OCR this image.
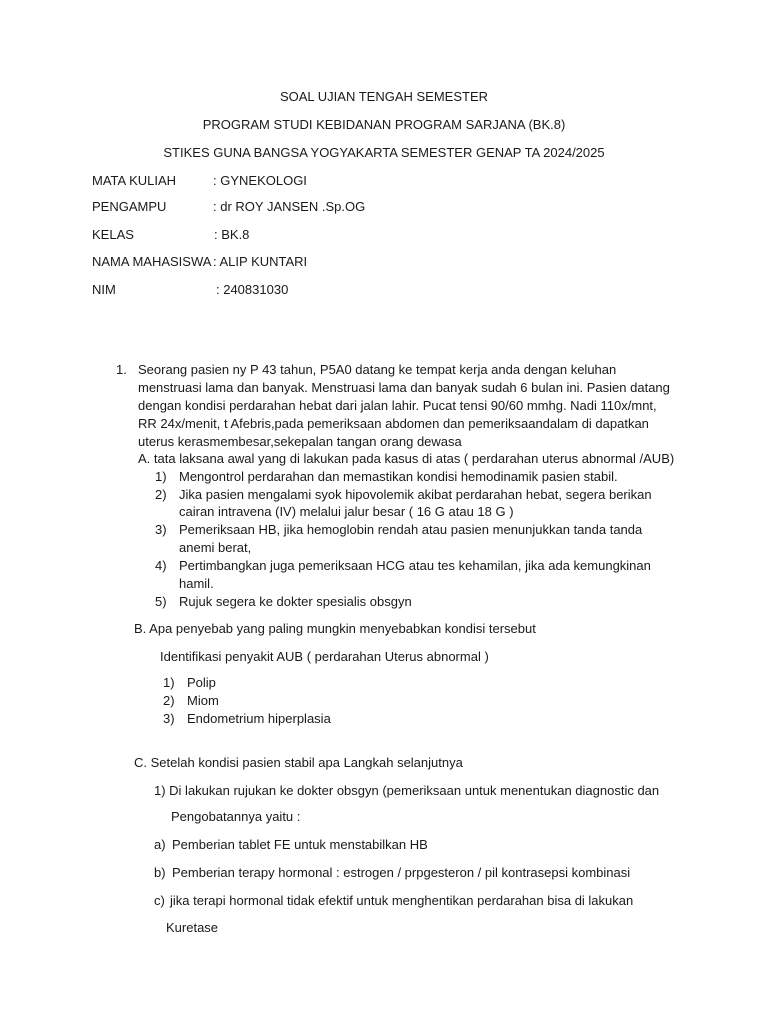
SOAL UJIAN TENGAH SEMESTER
PROGRAM STUDI KEBIDANAN PROGRAM SARJANA (BK.8)
STIKES GUNA BANGSA YOGYAKARTA SEMESTER GENAP TA 2024/2025
MATA KULIAH	: GYNEKOLOGI
PENGAMPU	: dr ROY JANSEN .Sp.OG
KELAS	: BK.8
NAMA MAHASISWA : ALIP KUNTARI
NIM	: 240831030
1. Seorang pasien ny P 43 tahun, P5A0 datang ke tempat kerja anda dengan keluhan
menstruasi lama dan banyak. Menstruasi lama dan banyak sudah 6 bulan ini. Pasien datang
dengan kondisi perdarahan hebat dari jalan lahir. Pucat tensi 90/60 mmhg. Nadi 110x/mnt,
RR 24x/menit, t Afebris,pada pemeriksaan abdomen dan pemeriksaandalam di dapatkan
uterus kerasmembesar,sekepalan tangan orang dewasa
A. tata laksana awal yang di lakukan pada kasus di atas ( perdarahan uterus abnormal /AUB)
1) Mengontrol perdarahan dan memastikan kondisi hemodinamik pasien stabil.
2) Jika pasien mengalami syok hipovolemik akibat perdarahan hebat, segera berikan
cairan intravena (IV) melalui jalur besar ( 16 G atau 18 G )
3) Pemeriksaan HB, jika hemoglobin rendah atau pasien menunjukkan tanda tanda
anemi berat,
4) Pertimbangkan juga pemeriksaan HCG atau tes kehamilan, jika ada kemungkinan
hamil.
5) Rujuk segera ke dokter spesialis obsgyn
B. Apa penyebab yang paling mungkin menyebabkan kondisi tersebut
Identifikasi penyakit AUB ( perdarahan Uterus abnormal )
1) Polip
2) Miom
3) Endometrium hiperplasia
C. Setelah kondisi pasien stabil apa Langkah selanjutnya
1) Di lakukan rujukan ke dokter obsgyn (pemeriksaan untuk menentukan diagnostic dan
Pengobatannya yaitu :
a) Pemberian tablet FE untuk menstabilkan HB
b) Pemberian terapy hormonal : estrogen / prpgesteron / pil kontrasepsi kombinasi
c) jika terapi hormonal tidak efektif untuk menghentikan perdarahan bisa di lakukan
Kuretase
